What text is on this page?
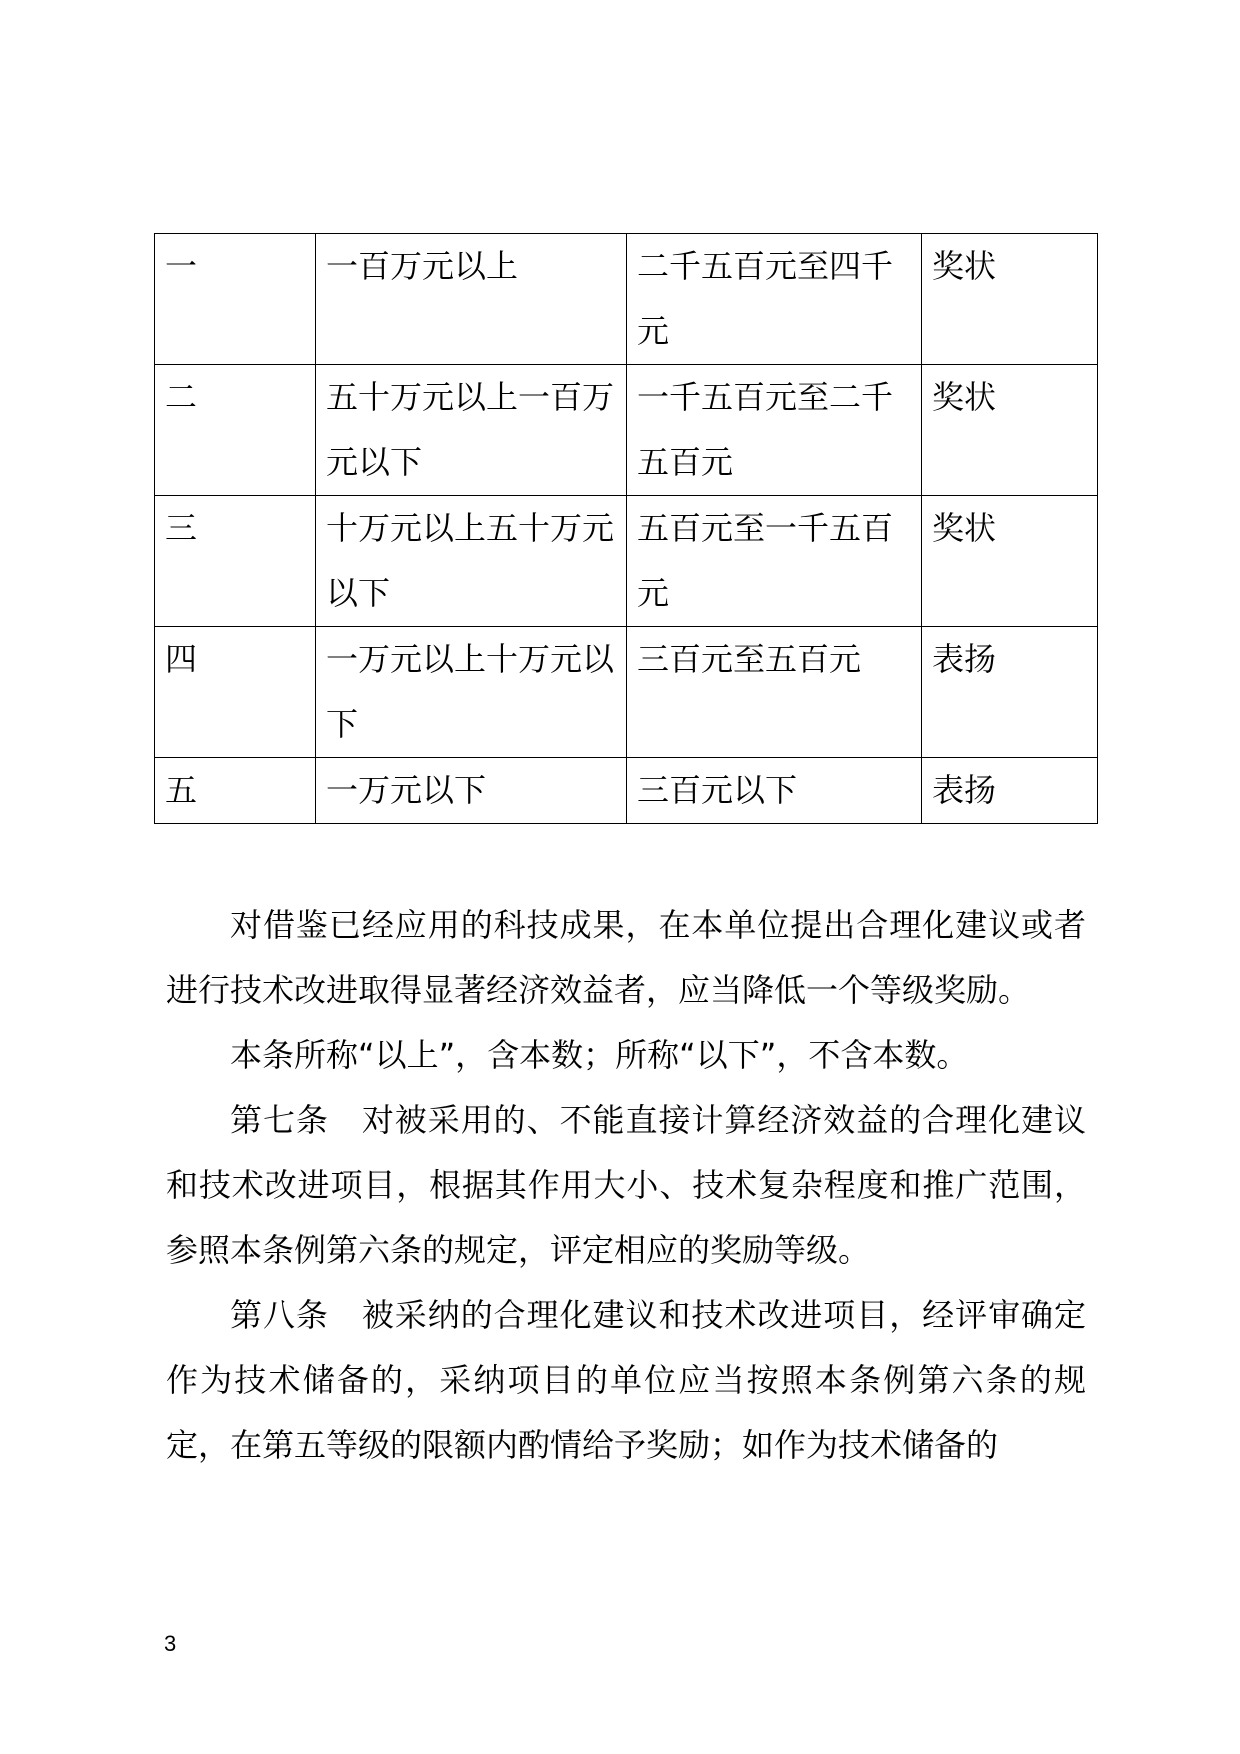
一	一百万元以上	二千五百元至四千元	奖状
二	五十万元以上一百万元以下	一千五百元至二千五百元	奖状
三	十万元以上五十万元以下	五百元至一千五百元	奖状
四	一万元以上十万元以下	三百元至五百元	表扬
五	一万元以下	三百元以下	表扬

对借鉴已经应用的科技成果，在本单位提出合理化建议或者进行技术改进取得显著经济效益者，应当降低一个等级奖励。

本条所称“以上”，含本数；所称“以下”，不含本数。

第七条　对被采用的、不能直接计算经济效益的合理化建议和技术改进项目，根据其作用大小、技术复杂程度和推广范围，参照本条例第六条的规定，评定相应的奖励等级。

第八条　被采纳的合理化建议和技术改进项目，经评审确定作为技术储备的，采纳项目的单位应当按照本条例第六条的规定，在第五等级的限额内酌情给予奖励；如作为技术储备的

3
